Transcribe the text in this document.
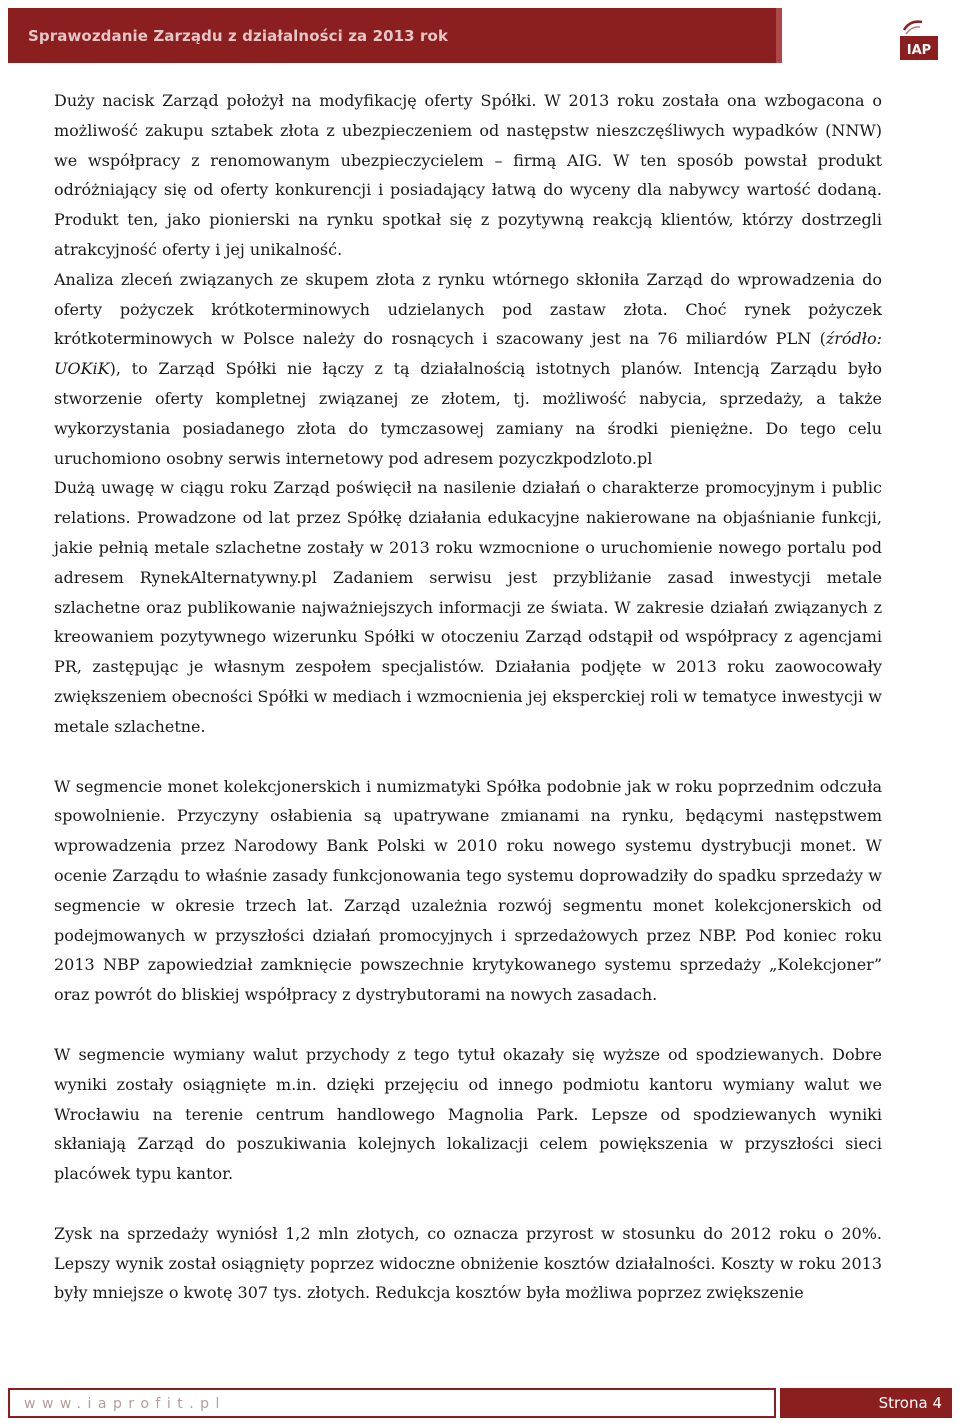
Sprawozdanie Zarządu z działalności za 2013 rok
IAP

Duży nacisk Zarząd położył na modyfikację oferty Spółki. W 2013 roku została ona wzbogacona o możliwość zakupu sztabek złota z ubezpieczeniem od następstw nieszczęśliwych wypadków (NNW) we współpracy z renomowanym ubezpieczycielem – firmą AIG. W ten sposób powstał produkt odróżniający się od oferty konkurencji i posiadający łatwą do wyceny dla nabywcy wartość dodaną. Produkt ten, jako pionierski na rynku spotkał się z pozytywną reakcją klientów, którzy dostrzegli atrakcyjność oferty i jej unikalność.

Analiza zleceń związanych ze skupem złota z rynku wtórnego skłoniła Zarząd do wprowadzenia do oferty pożyczek krótkoterminowych udzielanych pod zastaw złota. Choć rynek pożyczek krótkoterminowych w Polsce należy do rosnących i szacowany jest na 76 miliardów PLN (źródło: UOKiK), to Zarząd Spółki nie łączy z tą działalnością istotnych planów. Intencją Zarządu było stworzenie oferty kompletnej związanej ze złotem, tj. możliwość nabycia, sprzedaży, a także wykorzystania posiadanego złota do tymczasowej zamiany na środki pieniężne. Do tego celu uruchomiono osobny serwis internetowy pod adresem pozyczkpodzloto.pl

Dużą uwagę w ciągu roku Zarząd poświęcił na nasilenie działań o charakterze promocyjnym i public relations. Prowadzone od lat przez Spółkę działania edukacyjne nakierowane na objaśnianie funkcji, jakie pełnią metale szlachetne zostały w 2013 roku wzmocnione o uruchomienie nowego portalu pod adresem RynekAlternatywny.pl Zadaniem serwisu jest przybliżanie zasad inwestycji metale szlachetne oraz publikowanie najważniejszych informacji ze świata. W zakresie działań związanych z kreowaniem pozytywnego wizerunku Spółki w otoczeniu Zarząd odstąpił od współpracy z agencjami PR, zastępując je własnym zespołem specjalistów. Działania podjęte w 2013 roku zaowocowały zwiększeniem obecności Spółki w mediach i wzmocnienia jej eksperckiej roli w tematyce inwestycji w metale szlachetne.

W segmencie monet kolekcjonerskich i numizmatyki Spółka podobnie jak w roku poprzednim odczuła spowolnienie. Przyczyny osłabienia są upatrywane zmianami na rynku, będącymi następstwem wprowadzenia przez Narodowy Bank Polski w 2010 roku nowego systemu dystrybucji monet. W ocenie Zarządu to właśnie zasady funkcjonowania tego systemu doprowadziły do spadku sprzedaży w segmencie w okresie trzech lat. Zarząd uzależnia rozwój segmentu monet kolekcjonerskich od podejmowanych w przyszłości działań promocyjnych i sprzedażowych przez NBP. Pod koniec roku 2013 NBP zapowiedział zamknięcie powszechnie krytykowanego systemu sprzedaży „Kolekcjoner” oraz powrót do bliskiej współpracy z dystrybutorami na nowych zasadach.

W segmencie wymiany walut przychody z tego tytuł okazały się wyższe od spodziewanych. Dobre wyniki zostały osiągnięte m.in. dzięki przejęciu od innego podmiotu kantoru wymiany walut we Wrocławiu na terenie centrum handlowego Magnolia Park. Lepsze od spodziewanych wyniki skłaniają Zarząd do poszukiwania kolejnych lokalizacji celem powiększenia w przyszłości sieci placówek typu kantor.

Zysk na sprzedaży wyniósł 1,2 mln złotych, co oznacza przyrost w stosunku do 2012 roku o 20%. Lepszy wynik został osiągnięty poprzez widoczne obniżenie kosztów działalności. Koszty w roku 2013 były mniejsze o kwotę 307 tys. złotych. Redukcja kosztów była możliwa poprzez zwiększenie

www.iaprofit.pl	Strona 4
